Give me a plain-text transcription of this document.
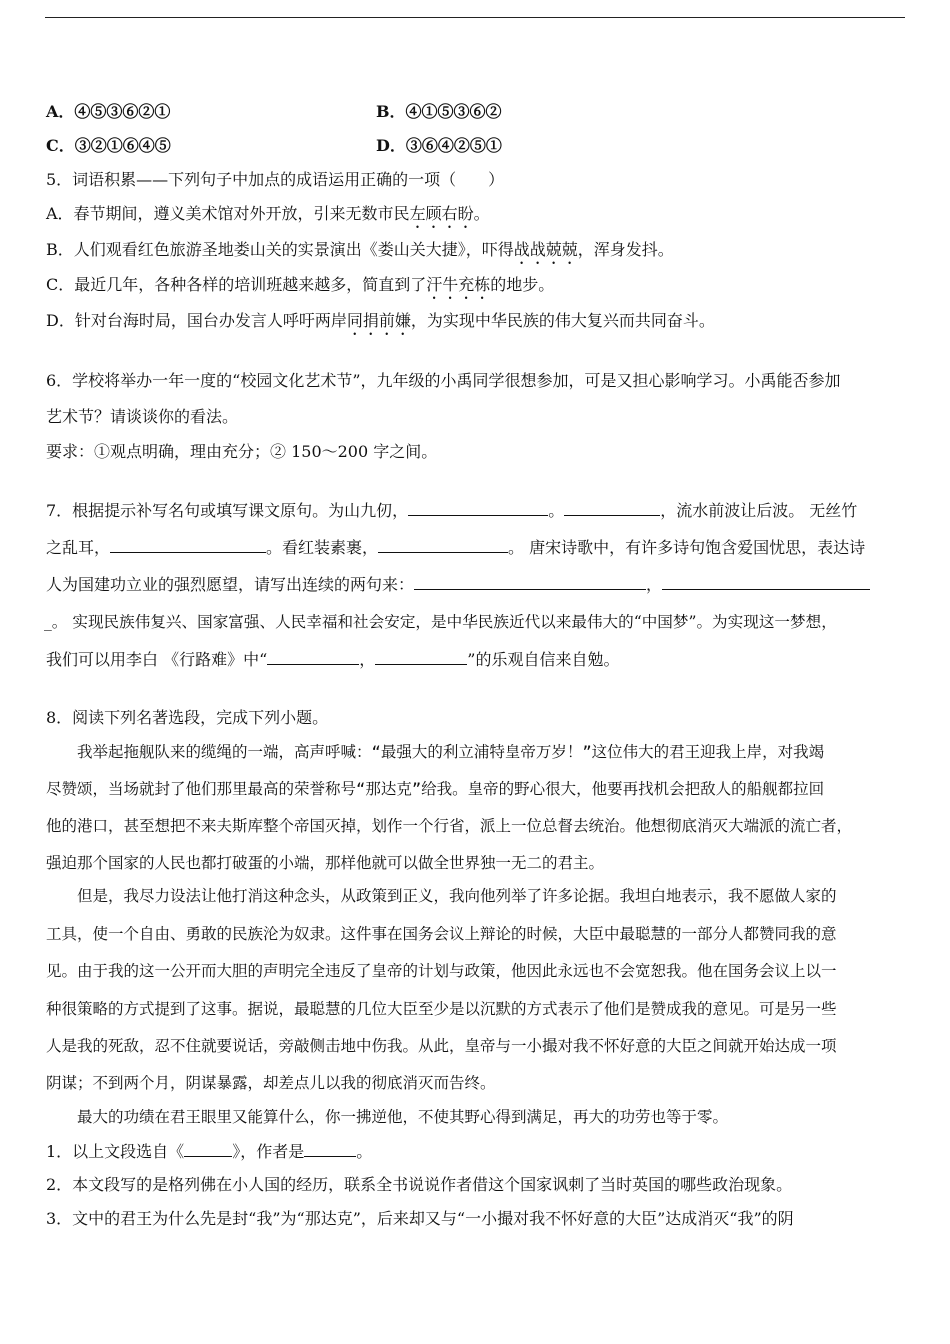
A．④⑤③⑥②①	B．④①⑤③⑥②
C．③②①⑥④⑤	D．③⑥④②⑤①
5．词语积累——下列句子中加点的成语运用正确的一项（　　）
A．春节期间，遵义美术馆对外开放，引来无数市民左顾右盼。
B．人们观看红色旅游圣地娄山关的实景演出《娄山关大捷》，吓得战战兢兢，浑身发抖。
C．最近几年，各种各样的培训班越来越多，简直到了汗牛充栋的地步。
D．针对台海时局，国台办发言人呼吁两岸同捐前嫌，为实现中华民族的伟大复兴而共同奋斗。
6．学校将举办一年一度的“校园文化艺术节”，九年级的小禹同学很想参加，可是又担心影响学习。小禹能否参加
艺术节？请谈谈你的看法。
要求：①观点明确，理由充分；② 150～200 字之间。
7．根据提示补写名句或填写课文原句。为山九仞，	。	，流水前波让后波。 无丝竹
之乱耳，	。看红装素裹，	。 唐宋诗歌中，有许多诗句饱含爱国忧思，表达诗
人为国建功立业的强烈愿望，请写出连续的两句来：	，
_。 实现民族伟复兴、国家富强、人民幸福和社会安定，是中华民族近代以来最伟大的“中国梦”。为实现这一梦想，
我们可以用李白 《行路难》中“	，	”的乐观自信来自勉。
8．阅读下列名著选段，完成下列小题。
　　我举起拖舰队来的缆绳的一端，高声呼喊：“最强大的利立浦特皇帝万岁！”这位伟大的君王迎我上岸，对我竭
尽赞颂，当场就封了他们那里最高的荣誉称号“那达克”给我。皇帝的野心很大，他要再找机会把敌人的船舰都拉回
他的港口，甚至想把不来夫斯库整个帝国灭掉，划作一个行省，派上一位总督去统治。他想彻底消灭大端派的流亡者，
强迫那个国家的人民也都打破蛋的小端，那样他就可以做全世界独一无二的君主。
　　但是，我尽力设法让他打消这种念头，从政策到正义，我向他列举了许多论据。我坦白地表示，我不愿做人家的
工具，使一个自由、勇敢的民族沦为奴隶。这件事在国务会议上辩论的时候，大臣中最聪慧的一部分人都赞同我的意
见。由于我的这一公开而大胆的声明完全违反了皇帝的计划与政策，他因此永远也不会宽恕我。他在国务会议上以一
种很策略的方式提到了这事。据说，最聪慧的几位大臣至少是以沉默的方式表示了他们是赞成我的意见。可是另一些
人是我的死敌，忍不住就要说话，旁敲侧击地中伤我。从此，皇帝与一小撮对我不怀好意的大臣之间就开始达成一项
阴谋；不到两个月，阴谋暴露，却差点儿以我的彻底消灭而告终。
　　最大的功绩在君王眼里又能算什么，你一拂逆他，不使其野心得到满足，再大的功劳也等于零。
1．以上文段选自《	》，作者是	。
2．本文段写的是格列佛在小人国的经历，联系全书说说作者借这个国家讽刺了当时英国的哪些政治现象。
3．文中的君王为什么先是封“我”为“那达克”，后来却又与“一小撮对我不怀好意的大臣”达成消灭“我”的阴
